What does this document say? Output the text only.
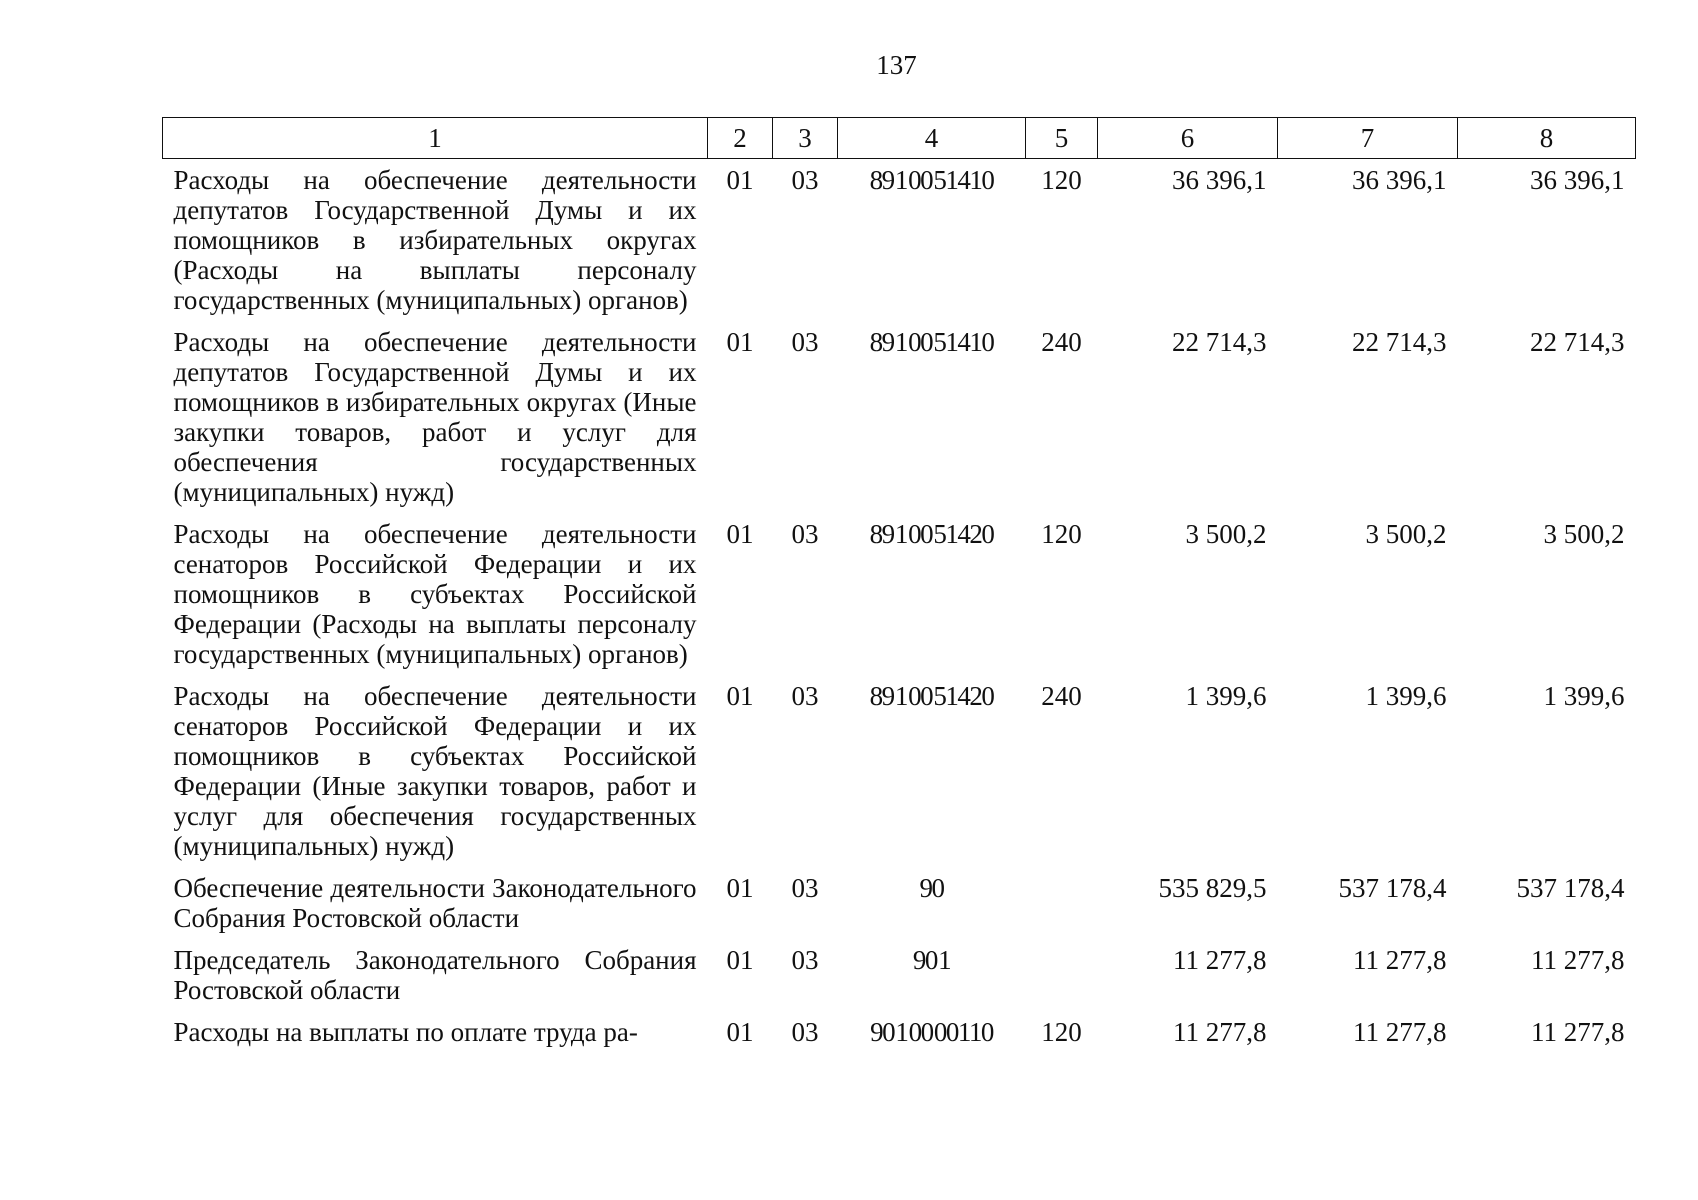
137
1	2	3	4	5	6	7	8
Расходы на обеспечение деятельности депутатов Государственной Думы и их помощников в избирательных округах (Расходы на выплаты персоналу государственных (муниципальных) органов)	01	03	89 1 00 51410	120	36 396,1	36 396,1	36 396,1
Расходы на обеспечение деятельности депутатов Государственной Думы и их помощников в избирательных округах (Иные закупки товаров, работ и услуг для обеспечения государственных (муниципальных) нужд)	01	03	89 1 00 51410	240	22 714,3	22 714,3	22 714,3
Расходы на обеспечение деятельности сенаторов Российской Федерации и их помощников в субъектах Российской Федерации (Расходы на выплаты персоналу государственных (муниципальных) органов)	01	03	89 1 00 51420	120	3 500,2	3 500,2	3 500,2
Расходы на обеспечение деятельности сенаторов Российской Федерации и их помощников в субъектах Российской Федерации (Иные закупки товаров, работ и услуг для обеспечения государственных (муниципальных) нужд)	01	03	89 1 00 51420	240	1 399,6	1 399,6	1 399,6
Обеспечение деятельности Законодательного Собрания Ростовской области	01	03	90		535 829,5	537 178,4	537 178,4
Председатель Законодательного Собрания Ростовской области	01	03	90 1		11 277,8	11 277,8	11 277,8
Расходы на выплаты по оплате труда ра-	01	03	90 1 00 00110	120	11 277,8	11 277,8	11 277,8
